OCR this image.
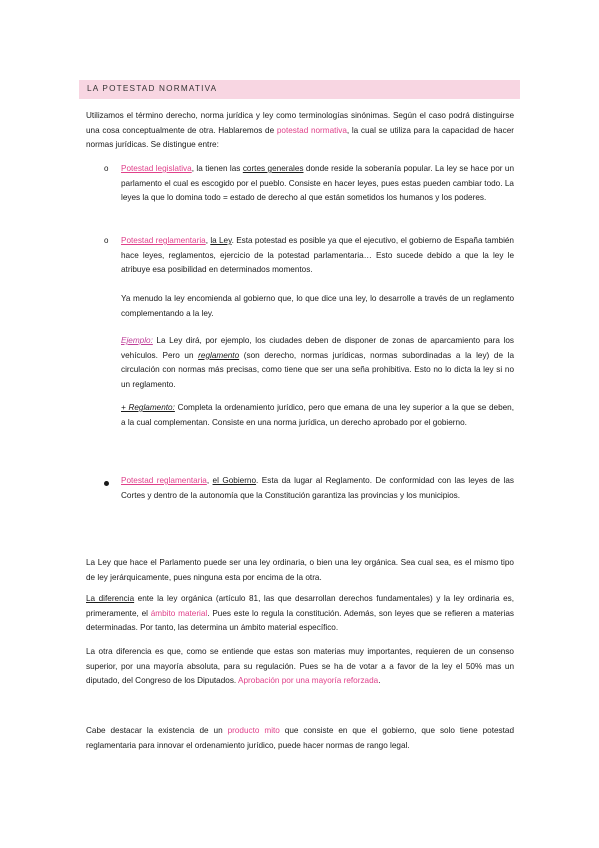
LA POTESTAD NORMATIVA
Utilizamos el término derecho, norma jurídica y ley como terminologías sinónimas. Según el caso podrá distinguirse una cosa conceptualmente de otra. Hablaremos de potestad normativa, la cual se utiliza para la capacidad de hacer normas jurídicas. Se distingue entre:
o Potestad legislativa, la tienen las cortes generales donde reside la soberanía popular. La ley se hace por un parlamento el cual es escogido por el pueblo. Consiste en hacer leyes, pues estas pueden cambiar todo. La leyes la que lo domina todo = estado de derecho al que están sometidos los humanos y los poderes.
o Potestad reglamentaria, la Ley. Esta potestad es posible ya que el ejecutivo, el gobierno de España también hace leyes, reglamentos, ejercicio de la potestad parlamentaria… Esto sucede debido a que la ley le atribuye esa posibilidad en determinados momentos.
Ya menudo la ley encomienda al gobierno que, lo que dice una ley, lo desarrolle a través de un reglamento complementando a la ley.
Ejemplo: La Ley dirá, por ejemplo, los ciudades deben de disponer de zonas de aparcamiento para los vehículos. Pero un reglamento (son derecho, normas jurídicas, normas subordinadas a la ley) de la circulación con normas más precisas, como tiene que ser una seña prohibitiva. Esto no lo dicta la ley si no un reglamento.
+ Reglamento: Completa la ordenamiento jurídico, pero que emana de una ley superior a la que se deben, a la cual complementan. Consiste en una norma jurídica, un derecho aprobado por el gobierno.
Potestad reglamentaria, el Gobierno. Esta da lugar al Reglamento. De conformidad con las leyes de las Cortes y dentro de la autonomía que la Constitución garantiza las provincias y los municipios.
La Ley que hace el Parlamento puede ser una ley ordinaria, o bien una ley orgánica. Sea cual sea, es el mismo tipo de ley jerárquicamente, pues ninguna esta por encima de la otra.
La diferencia ente la ley orgánica (artículo 81, las que desarrollan derechos fundamentales) y la ley ordinaria es, primeramente, el ámbito material. Pues este lo regula la constitución. Además, son leyes que se refieren a materias determinadas. Por tanto, las determina un ámbito material específico.
La otra diferencia es que, como se entiende que estas son materias muy importantes, requieren de un consenso superior, por una mayoría absoluta, para su regulación. Pues se ha de votar a a favor de la ley el 50% mas un diputado, del Congreso de los Diputados. Aprobación por una mayoría reforzada.
Cabe destacar la existencia de un producto mito que consiste en que el gobierno, que solo tiene potestad reglamentaria para innovar el ordenamiento jurídico, puede hacer normas de rango legal.
